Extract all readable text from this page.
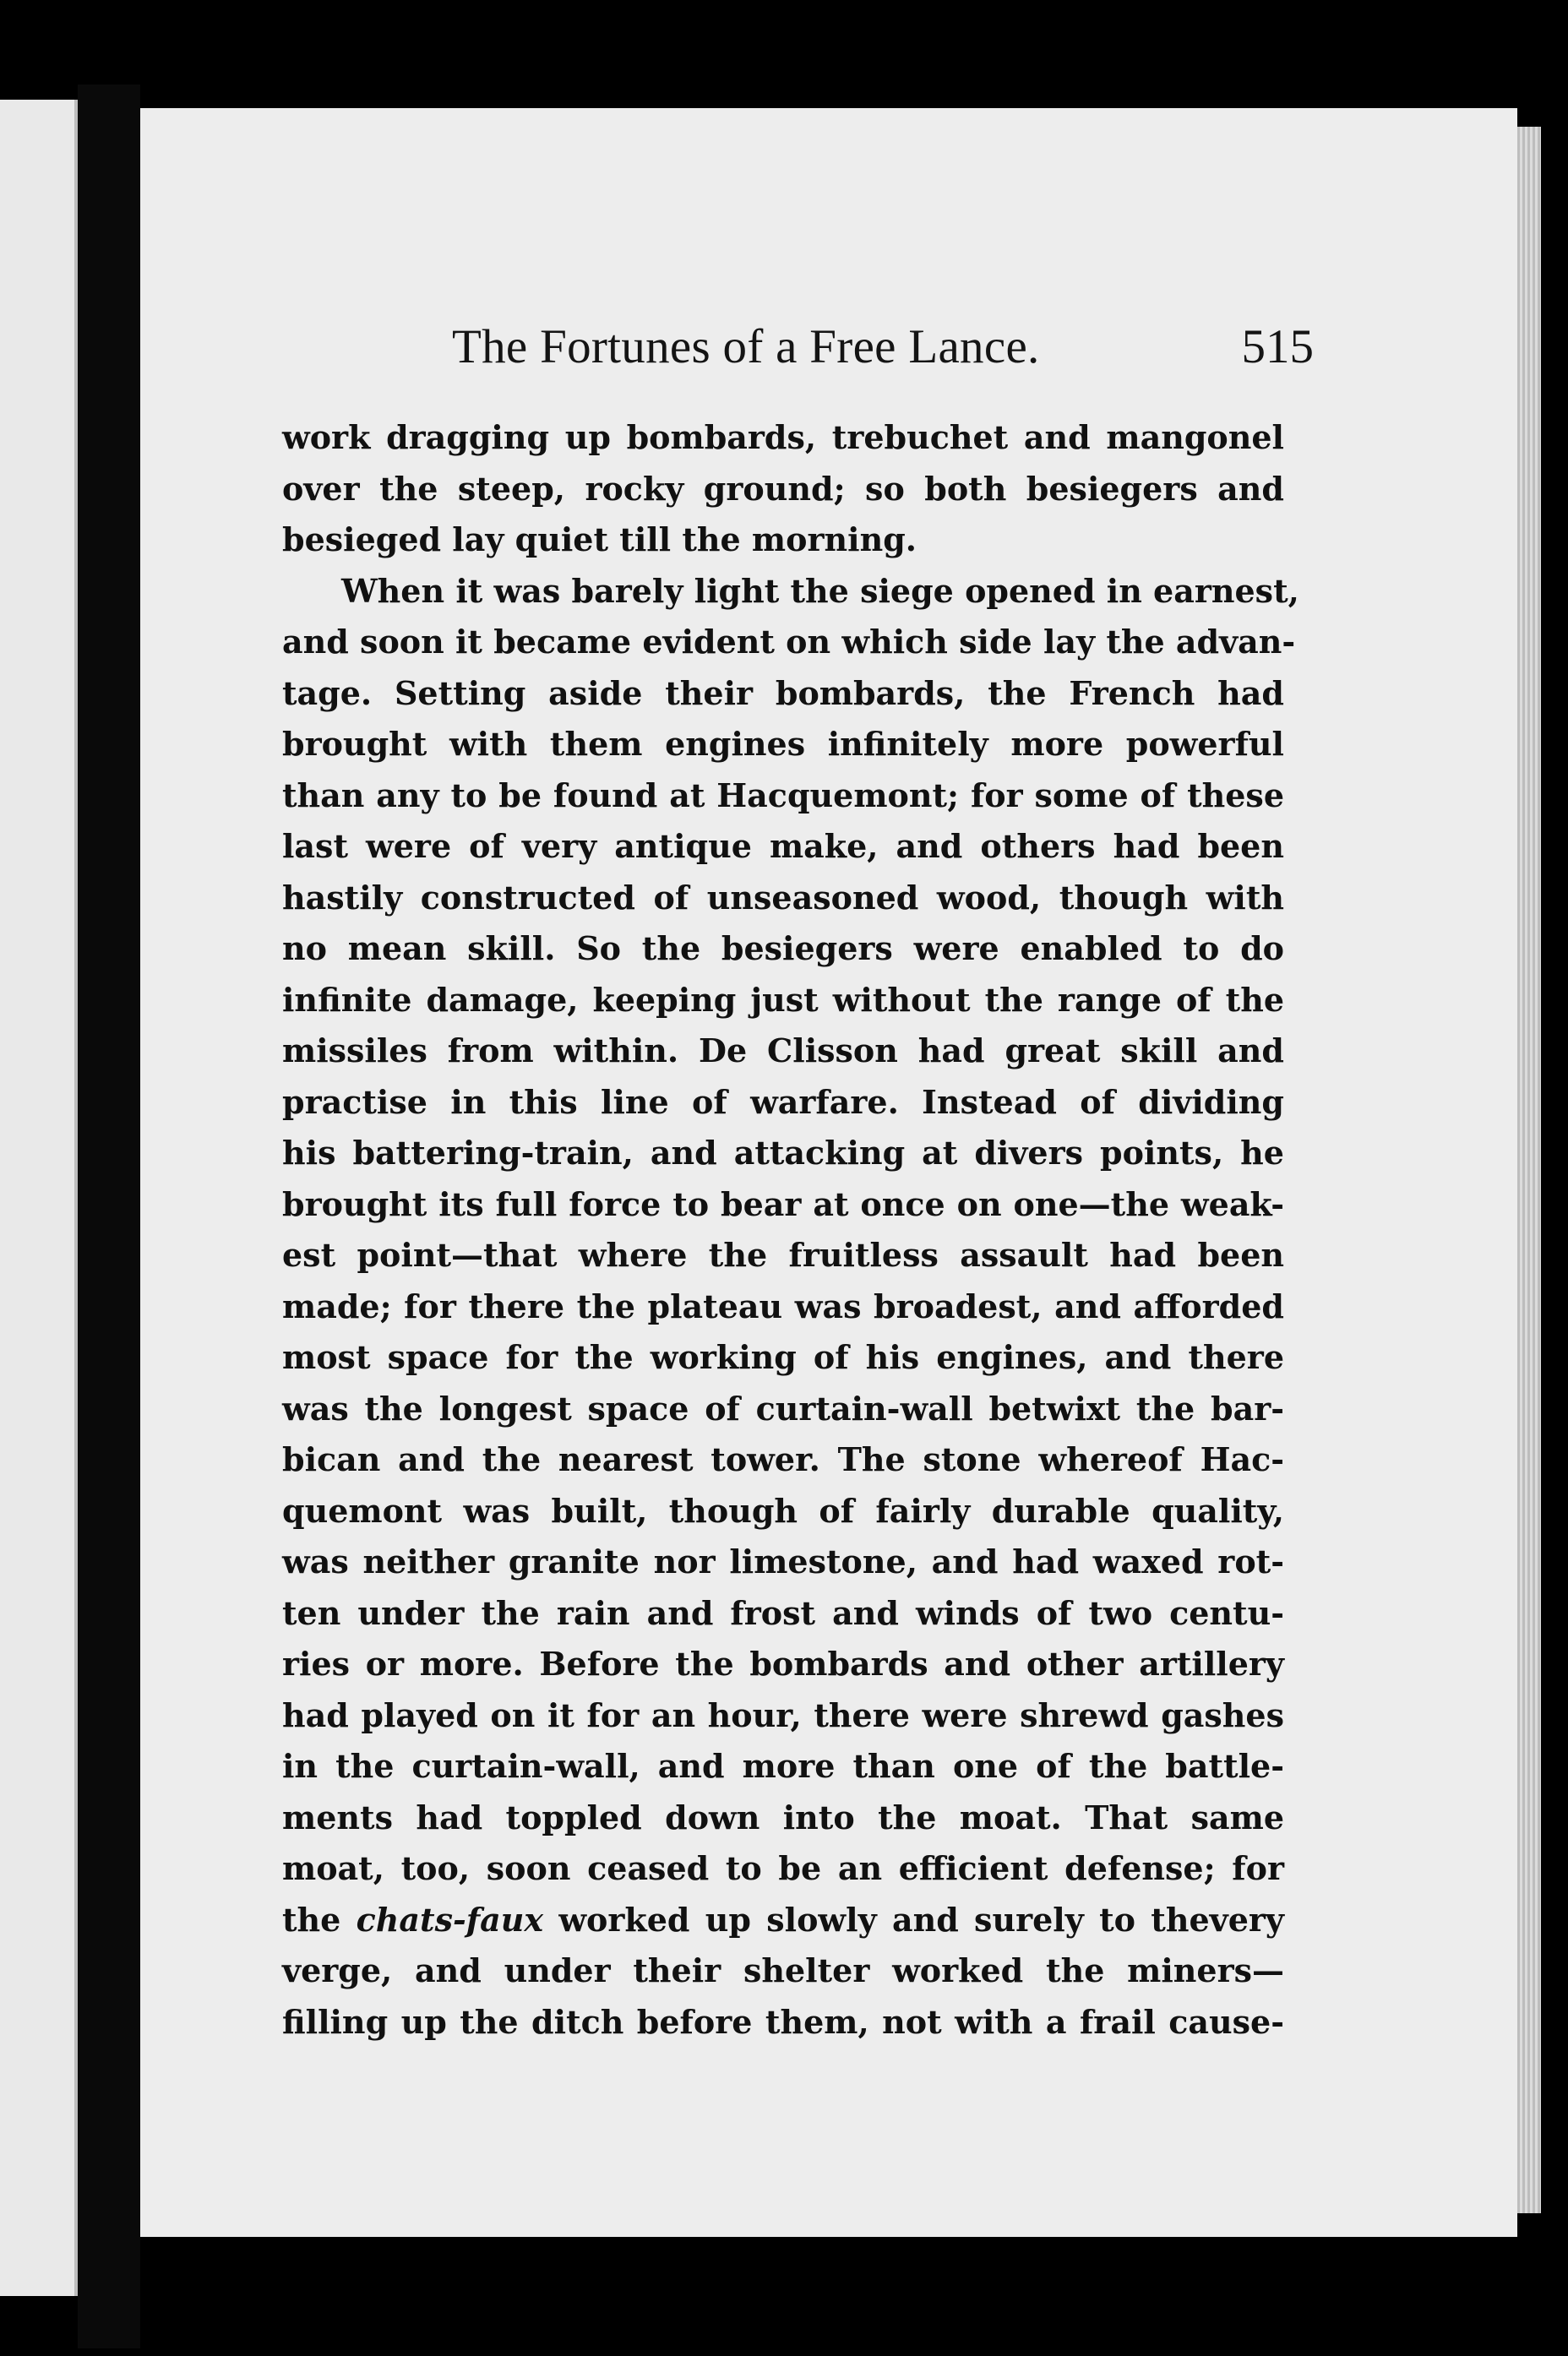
The Fortunes of a Free Lance.	515
work dragging up bombards, trebuchet and mangonel
over the steep, rocky ground; so both besiegers and
besieged lay quiet till the morning.
When it was barely light the siege opened in earnest,
and soon it became evident on which side lay the advan-
tage. Setting aside their bombards, the French had
brought with them engines infinitely more powerful
than any to be found at Hacquemont; for some of these
last were of very antique make, and others had been
hastily constructed of unseasoned wood, though with
no mean skill. So the besiegers were enabled to do
infinite damage, keeping just without the range of the
missiles from within. De Clisson had great skill and
practise in this line of warfare. Instead of dividing
his battering-train, and attacking at divers points, he
brought its full force to bear at once on one—the weak-
est point—that where the fruitless assault had been
made; for there the plateau was broadest, and afforded
most space for the working of his engines, and there
was the longest space of curtain-wall betwixt the bar-
bican and the nearest tower. The stone whereof Hac-
quemont was built, though of fairly durable quality,
was neither granite nor limestone, and had waxed rot-
ten under the rain and frost and winds of two centu-
ries or more. Before the bombards and other artillery
had played on it for an hour, there were shrewd gashes
in the curtain-wall, and more than one of the battle-
ments had toppled down into the moat. That same
moat, too, soon ceased to be an efficient defense; for
the chats-faux worked up slowly and surely to thevery
verge, and under their shelter worked the miners—
filling up the ditch before them, not with a frail cause-
